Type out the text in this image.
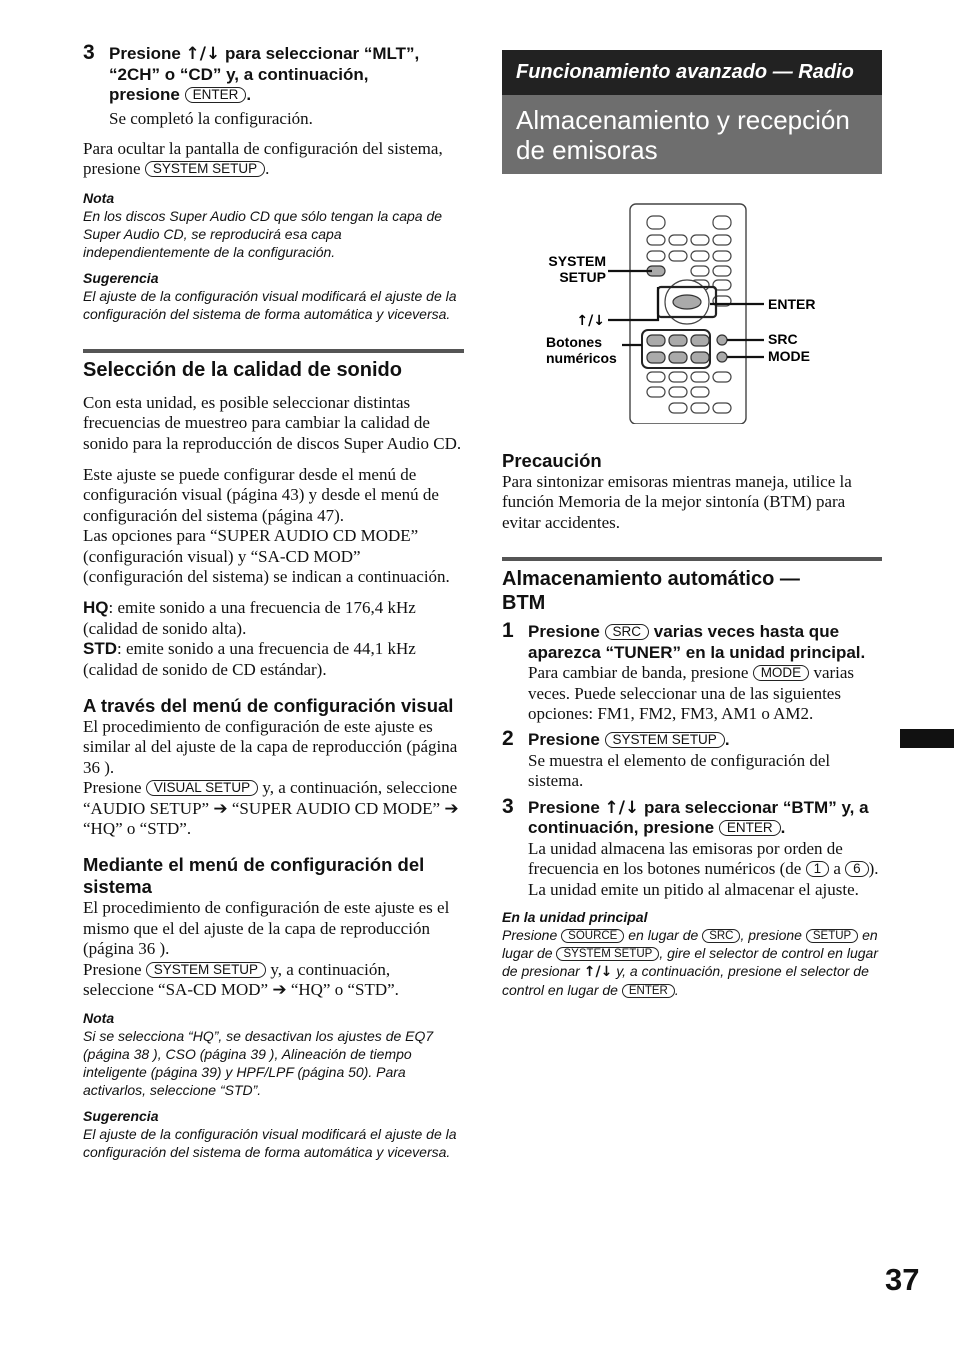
3 Presione ↑/↓ para seleccionar “MLT”,
“2CH” o “CD” y, a continuación,
presione ENTER .

Se completó la configuración.

Para ocultar la pantalla de configuración del sistema, presione SYSTEM SETUP .

Nota

En los discos Super Audio CD que sólo tengan la capa de Super Audio CD, se reproducirá esa capa independientemente de la configuración.

Sugerencia

El ajuste de la configuración visual modificará el ajuste de la configuración del sistema de forma automática y viceversa.

Selección de la calidad de sonido

Con esta unidad, es posible seleccionar distintas frecuencias de muestreo para cambiar la calidad de sonido para la reproducción de discos Super Audio CD.

Este ajuste se puede configurar desde el menú de configuración visual (página 43) y desde el menú de configuración del sistema (página 47).

Las opciones para “SUPER AUDIO CD MODE” (configuración visual) y “SA-CD MOD” (configuración del sistema) se indican a continuación.

HQ: emite sonido a una frecuencia de 176,4 kHz (calidad de sonido alta).

STD: emite sonido a una frecuencia de 44,1 kHz (calidad de sonido de CD estándar).

A través del menú de configuración visual

El procedimiento de configuración de este ajuste es similar al del ajuste de la capa de reproducción (página 36 ).

Presione VISUAL SETUP y, a continuación, seleccione “AUDIO SETUP” ➔ “SUPER AUDIO CD MODE” ➔ “HQ” o “STD”.

Mediante el menú de configuración del sistema

El procedimiento de configuración de este ajuste es el mismo que el del ajuste de la capa de reproducción (página 36 ).

Presione SYSTEM SETUP y, a continuación, seleccione “SA-CD MOD” ➔ “HQ” o “STD”.

Nota

Si se selecciona “HQ”, se desactivan los ajustes de EQ7 (página 38 ), CSO (página 39 ), Alineación de tiempo inteligente (página 39) y HPF/LPF (página 50). Para activarlos, seleccione “STD”.

Sugerencia

El ajuste de la configuración visual modificará el ajuste de la configuración del sistema de forma automática y viceversa.

Funcionamiento avanzado — Radio
Almacenamiento y recepción de emisoras
SYSTEM
SETUP
↑/↓
Botones
numéricos
ENTER
SRC
MODE

Precaución

Para sintonizar emisoras mientras maneja, utilice la función Memoria de la mejor sintonía (BTM) para evitar accidentes.

Almacenamiento automático — BTM

1 Presione SRC varias veces hasta que aparezca “TUNER” en la unidad principal.

Para cambiar de banda, presione MODE varias veces. Puede seleccionar una de las siguientes opciones: FM1, FM2, FM3, AM1 o AM2.

2 Presione SYSTEM SETUP .

Se muestra el elemento de configuración del sistema.

3 Presione ↑/↓ para seleccionar “BTM” y, a continuación, presione ENTER .

La unidad almacena las emisoras por orden de frecuencia en los botones numéricos (de 1 a 6 ).

La unidad emite un pitido al almacenar el ajuste.

En la unidad principal

Presione SOURCE en lugar de SRC , presione SETUP en lugar de SYSTEM SETUP , gire el selector de control en lugar de presionar ↑/↓ y, a continuación, presione el selector de control en lugar de ENTER .

37
